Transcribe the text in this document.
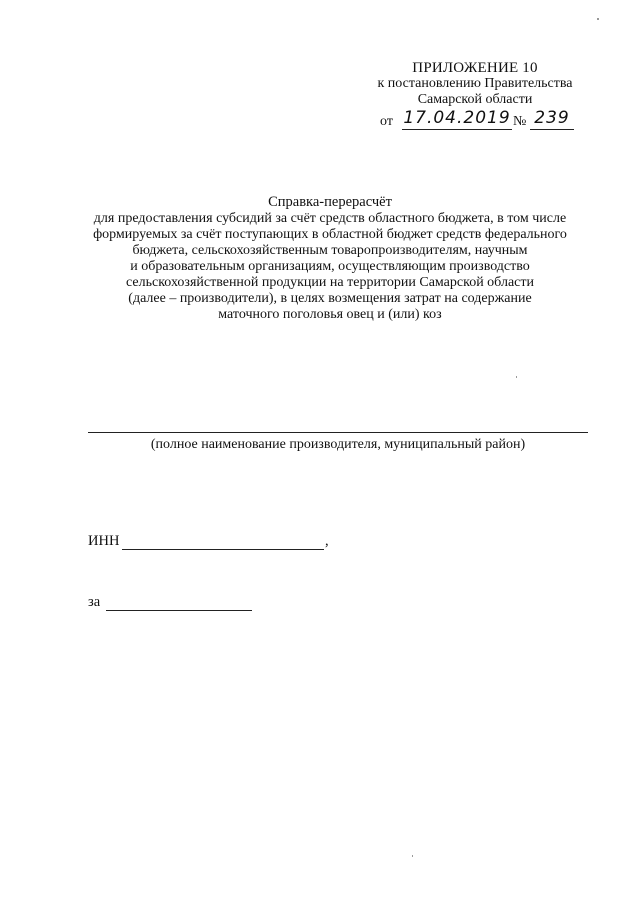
ПРИЛОЖЕНИЕ 10
к постановлению Правительства
Самарской области
от 17.04.2019 № 239
Справка-перерасчёт
для предоставления субсидий за счёт средств областного бюджета, в том числе
формируемых за счёт поступающих в областной бюджет средств федерального
бюджета, сельскохозяйственным товаропроизводителям, научным
и образовательным организациям, осуществляющим производство
сельскохозяйственной продукции на территории Самарской области
(далее – производители), в целях возмещения затрат на содержание
маточного поголовья овец и (или) коз
(полное наименование производителя, муниципальный район)
ИНН	,
за
